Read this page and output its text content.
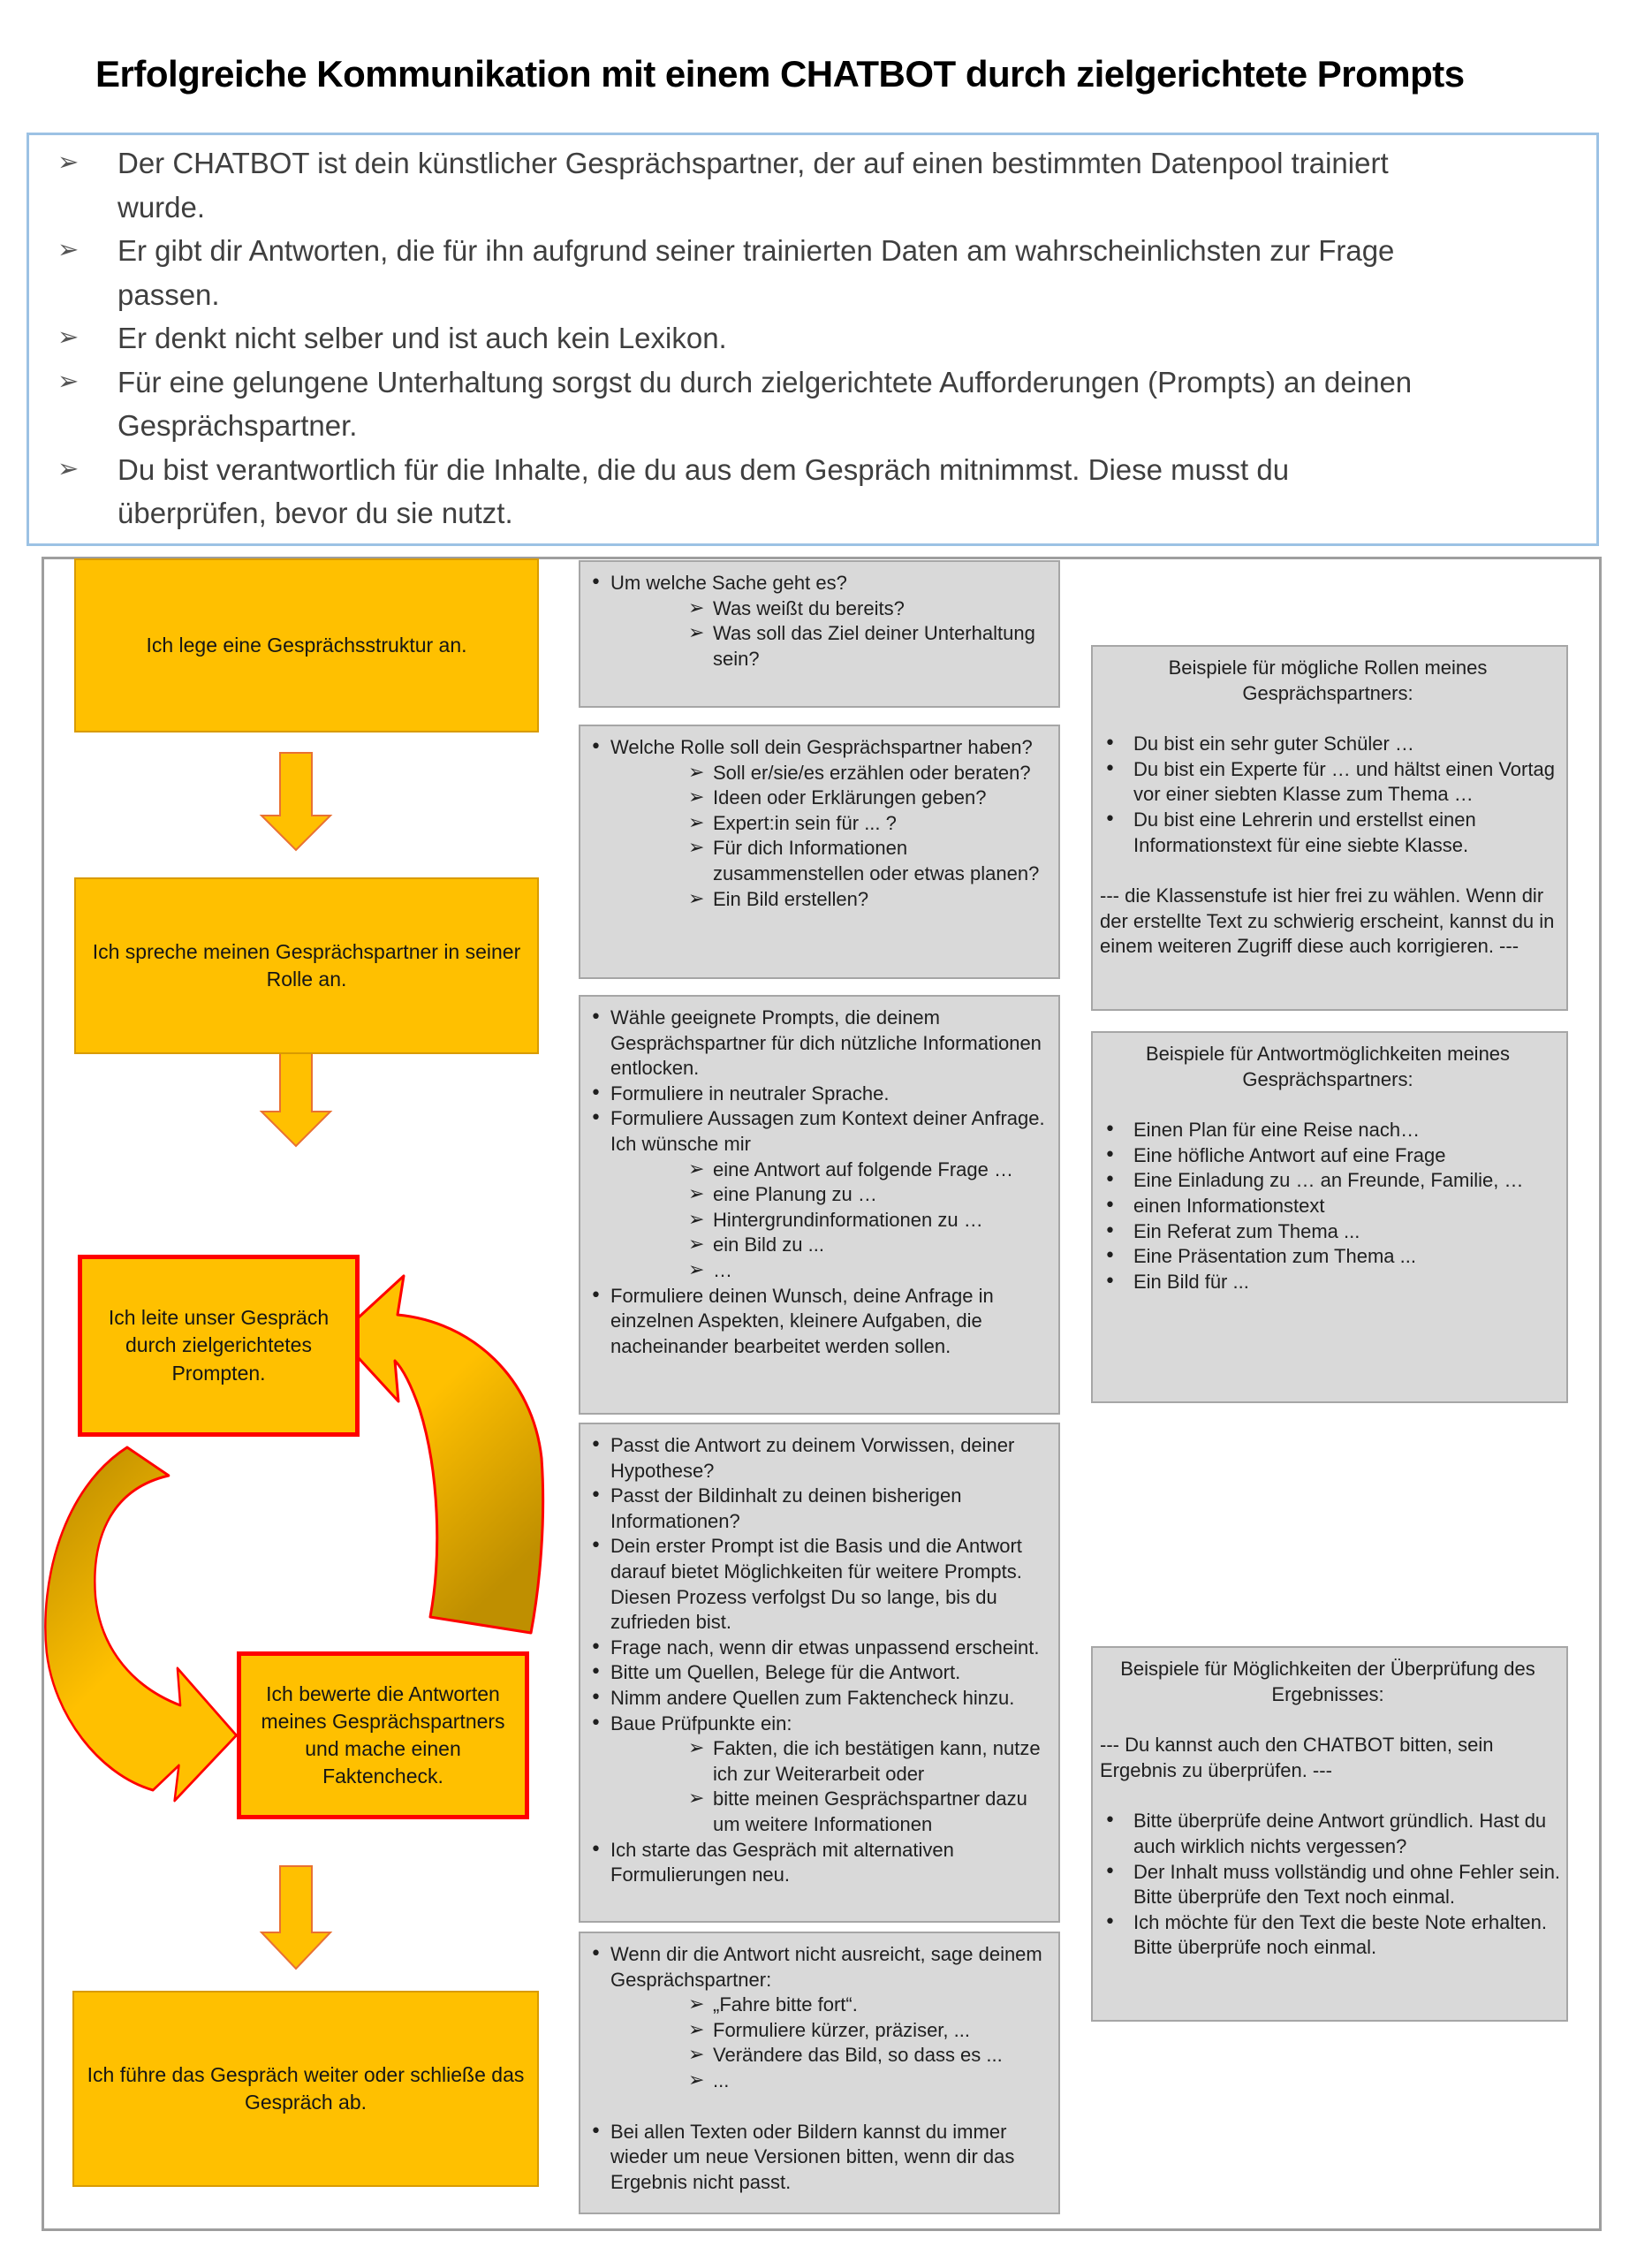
Erfolgreiche Kommunikation mit einem CHATBOT durch zielgerichtete Prompts
➢ Der CHATBOT ist dein künstlicher Gesprächspartner, der auf einen bestimmten Datenpool trainiert wurde.
➢ Er gibt dir Antworten, die für ihn aufgrund seiner trainierten Daten am wahrscheinlichsten zur Frage passen.
➢ Er denkt nicht selber und ist auch kein Lexikon.
➢ Für eine gelungene Unterhaltung sorgst du durch zielgerichtete Aufforderungen (Prompts) an deinen Gesprächspartner.
➢ Du bist verantwortlich für die Inhalte, die du aus dem Gespräch mitnimmst. Diese musst du überprüfen, bevor du sie nutzt.
Ich lege eine Gesprächsstruktur an.
Ich spreche meinen Gesprächspartner in seiner Rolle an.
Ich leite unser Gespräch durch zielgerichtetes Prompten.
Ich bewerte die Antworten meines Gesprächspartners und mache einen Faktencheck.
Ich führe das Gespräch weiter oder schließe das Gespräch ab.
• Um welche Sache geht es?
➢ Was weißt du bereits?
➢ Was soll das Ziel deiner Unterhaltung sein?
• Welche Rolle soll dein Gesprächspartner haben?
➢ Soll er/sie/es erzählen oder beraten?
➢ Ideen oder Erklärungen geben?
➢ Expert:in sein für ... ?
➢ Für dich Informationen zusammenstellen oder etwas planen?
➢ Ein Bild erstellen?
• Wähle geeignete Prompts, die deinem Gesprächspartner für dich nützliche Informationen entlocken.
• Formuliere in neutraler Sprache.
• Formuliere Aussagen zum Kontext deiner Anfrage. Ich wünsche mir
➢ eine Antwort auf folgende Frage …
➢ eine Planung zu …
➢ Hintergrundinformationen zu …
➢ ein Bild zu ...
➢ …
• Formuliere deinen Wunsch, deine Anfrage in einzelnen Aspekten, kleinere Aufgaben, die nacheinander bearbeitet werden sollen.
• Passt die Antwort zu deinem Vorwissen, deiner Hypothese?
• Passt der Bildinhalt zu deinen bisherigen Informationen?
• Dein erster Prompt ist die Basis und die Antwort darauf bietet Möglichkeiten für weitere Prompts. Diesen Prozess verfolgst Du so lange, bis du zufrieden bist.
• Frage nach, wenn dir etwas unpassend erscheint.
• Bitte um Quellen, Belege für die Antwort.
• Nimm andere Quellen zum Faktencheck hinzu.
• Baue Prüfpunkte ein:
➢ Fakten, die ich bestätigen kann, nutze ich zur Weiterarbeit oder
➢ bitte meinen Gesprächspartner dazu um weitere Informationen
• Ich starte das Gespräch mit alternativen Formulierungen neu.
• Wenn dir die Antwort nicht ausreicht, sage deinem Gesprächspartner:
➢ „Fahre bitte fort“.
➢ Formuliere kürzer, präziser, ...
➢ Verändere das Bild, so dass es ...
➢ ...
• Bei allen Texten oder Bildern kannst du immer wieder um neue Versionen bitten, wenn dir das Ergebnis nicht passt.
Beispiele für mögliche Rollen meines Gesprächspartners:
• Du bist ein sehr guter Schüler …
• Du bist ein Experte für … und hältst einen Vortag vor einer siebten Klasse zum Thema …
• Du bist eine Lehrerin und erstellst einen Informationstext für eine siebte Klasse.
--- die Klassenstufe ist hier frei zu wählen. Wenn dir der erstellte Text zu schwierig erscheint, kannst du in einem weiteren Zugriff diese auch korrigieren. ---
Beispiele für Antwortmöglichkeiten meines Gesprächspartners:
• Einen Plan für eine Reise nach…
• Eine höfliche Antwort auf eine Frage
• Eine Einladung zu … an Freunde, Familie, …
• einen Informationstext
• Ein Referat zum Thema ...
• Eine Präsentation zum Thema ...
• Ein Bild für ...
Beispiele für Möglichkeiten der Überprüfung des Ergebnisses:
--- Du kannst auch den CHATBOT bitten, sein Ergebnis zu überprüfen. ---
• Bitte überprüfe deine Antwort gründlich. Hast du auch wirklich nichts vergessen?
• Der Inhalt muss vollständig und ohne Fehler sein. Bitte überprüfe den Text noch einmal.
• Ich möchte für den Text die beste Note erhalten. Bitte überprüfe noch einmal.
